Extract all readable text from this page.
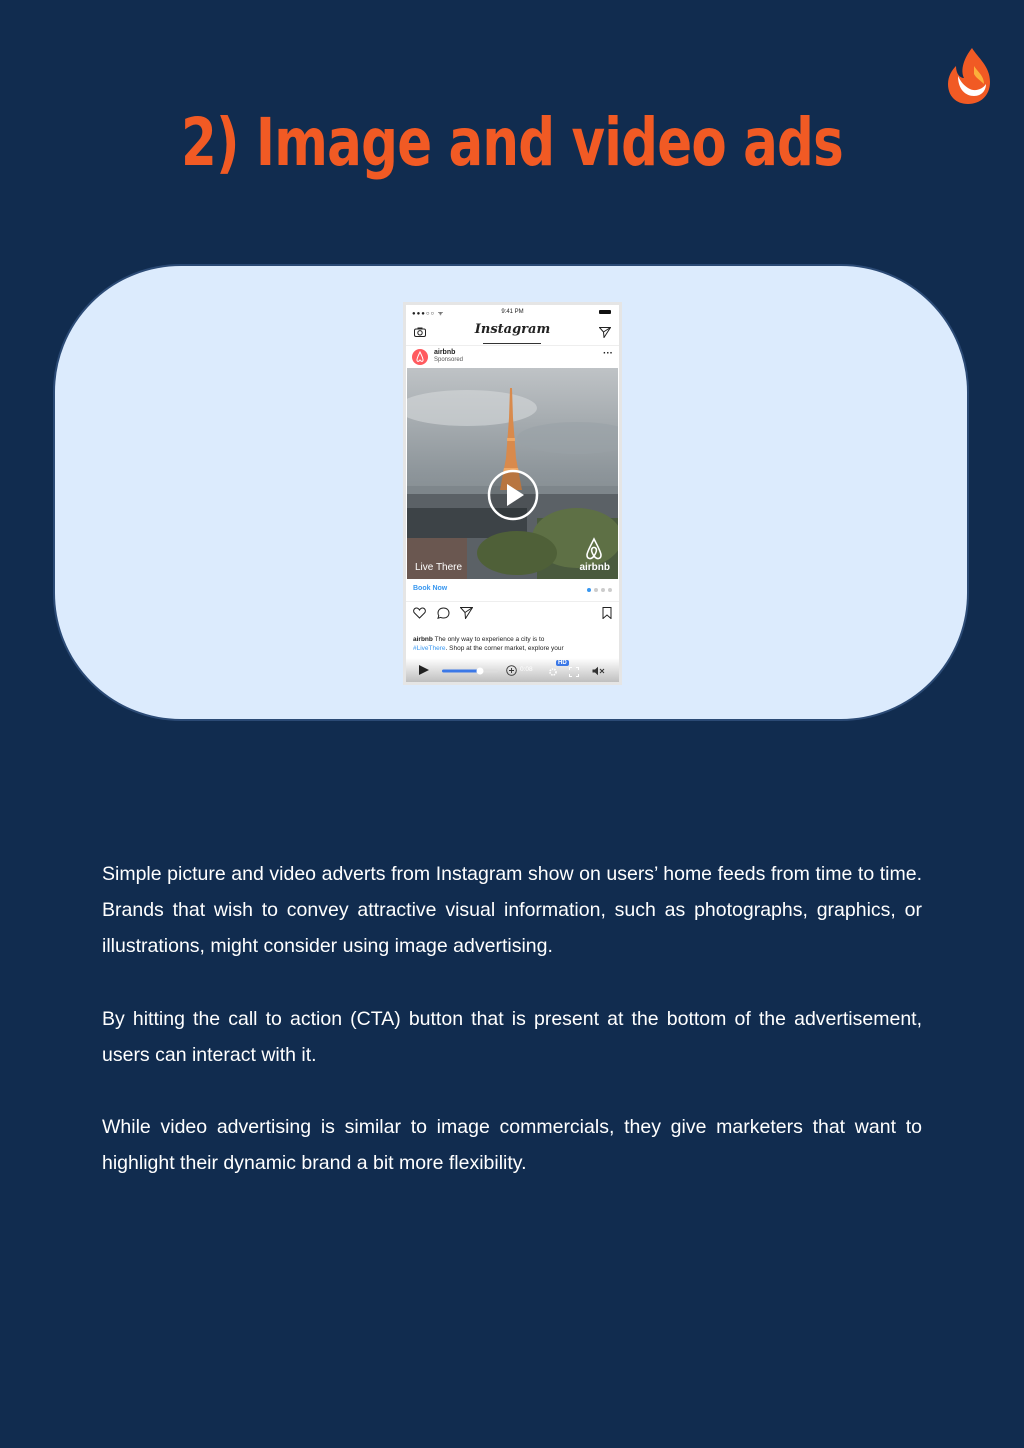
2) Image and video ads
●●●○○ ᯤ	9:41 PM
Instagram
airbnb
Sponsored
···
Live There	airbnb
Book Now
airbnb The only way to experience a city is to
#LiveThere. Shop at the corner market, explore your
0:08
HD

Simple picture and video adverts from Instagram show on users’ home feeds from time to time. Brands that wish to convey attractive visual information, such as photographs, graphics, or illustrations, might consider using image advertising.

By hitting the call to action (CTA) button that is present at the bottom of the advertisement, users can interact with it.

While video advertising is similar to image commercials, they give marketers that want to highlight their dynamic brand a bit more flexibility.
